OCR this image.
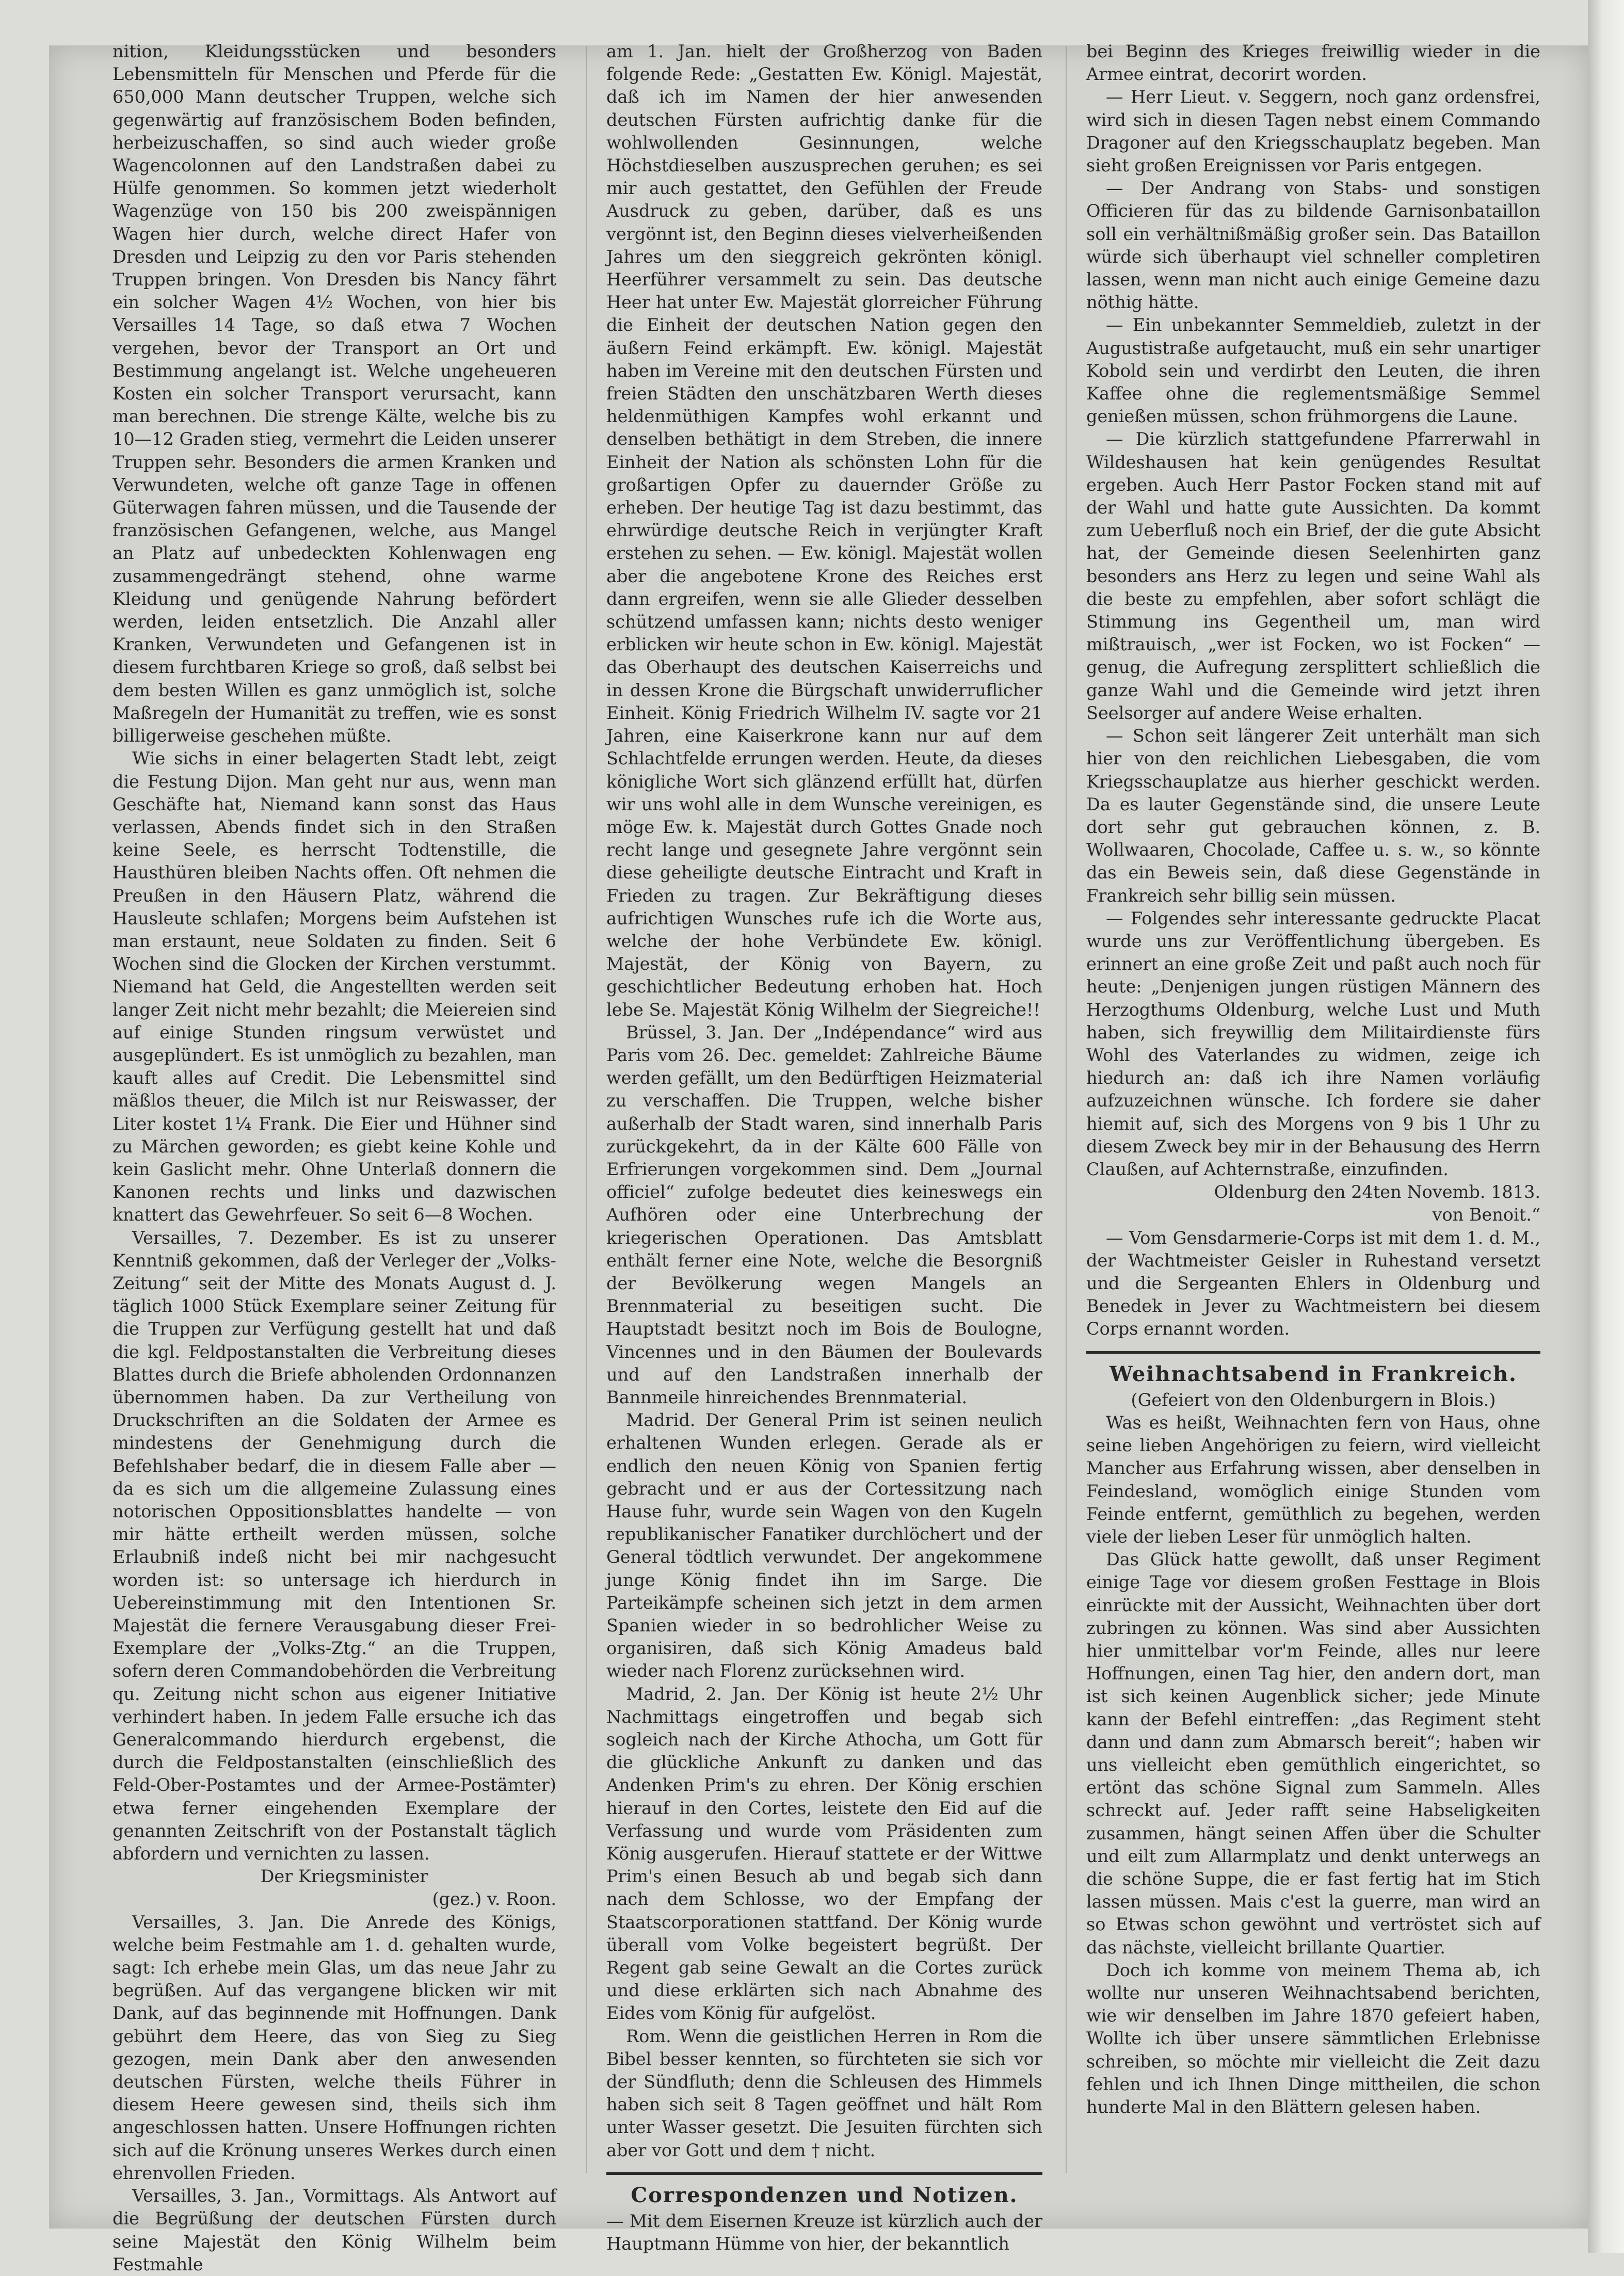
nition, Kleidungsstücken und besonders Lebensmitteln für Menschen und Pferde für die 650,000 Mann deutscher Truppen, welche sich gegenwärtig auf französischem Boden befinden, herbeizuschaffen, so sind auch wieder große Wagencolonnen auf den Landstraßen dabei zu Hülfe genommen. So kommen jetzt wiederholt Wagenzüge von 150 bis 200 zweispännigen Wagen hier durch, welche direct Hafer von Dresden und Leipzig zu den vor Paris stehenden Truppen bringen. Von Dresden bis Nancy fährt ein solcher Wagen 4½ Wochen, von hier bis Versailles 14 Tage, so daß etwa 7 Wochen vergehen, bevor der Transport an Ort und Bestimmung angelangt ist. Welche ungeheueren Kosten ein solcher Transport verursacht, kann man berechnen. Die strenge Kälte, welche bis zu 10—12 Graden stieg, vermehrt die Leiden unserer Truppen sehr. Besonders die armen Kranken und Verwundeten, welche oft ganze Tage in offenen Güterwagen fahren müssen, und die Tausende der französischen Gefangenen, welche, aus Mangel an Platz auf unbedeckten Kohlenwagen eng zusammengedrängt stehend, ohne warme Kleidung und genügende Nahrung befördert werden, leiden entsetzlich. Die Anzahl aller Kranken, Verwundeten und Gefangenen ist in diesem furchtbaren Kriege so groß, daß selbst bei dem besten Willen es ganz unmöglich ist, solche Maßregeln der Humanität zu treffen, wie es sonst billigerweise geschehen müßte.

Wie sichs in einer belagerten Stadt lebt, zeigt die Festung Dijon. Man geht nur aus, wenn man Geschäfte hat, Niemand kann sonst das Haus verlassen, Abends findet sich in den Straßen keine Seele, es herrscht Todtenstille, die Hausthüren bleiben Nachts offen. Oft nehmen die Preußen in den Häusern Platz, während die Hausleute schlafen; Morgens beim Aufstehen ist man erstaunt, neue Soldaten zu finden. Seit 6 Wochen sind die Glocken der Kirchen verstummt. Niemand hat Geld, die Angestellten werden seit langer Zeit nicht mehr bezahlt; die Meiereien sind auf einige Stunden ringsum verwüstet und ausgeplündert. Es ist unmöglich zu bezahlen, man kauft alles auf Credit. Die Lebensmittel sind mäßlos theuer, die Milch ist nur Reiswasser, der Liter kostet 1¼ Frank. Die Eier und Hühner sind zu Märchen geworden; es giebt keine Kohle und kein Gaslicht mehr. Ohne Unterlaß donnern die Kanonen rechts und links und dazwischen knattert das Gewehrfeuer. So seit 6—8 Wochen.

Versailles, 7. Dezember. Es ist zu unserer Kenntniß gekommen, daß der Verleger der „Volks-Zeitung“ seit der Mitte des Monats August d. J. täglich 1000 Stück Exemplare seiner Zeitung für die Truppen zur Verfügung gestellt hat und daß die kgl. Feldpostanstalten die Verbreitung dieses Blattes durch die Briefe abholenden Ordonnanzen übernommen haben. Da zur Vertheilung von Druckschriften an die Soldaten der Armee es mindestens der Genehmigung durch die Befehlshaber bedarf, die in diesem Falle aber — da es sich um die allgemeine Zulassung eines notorischen Oppositionsblattes handelte — von mir hätte ertheilt werden müssen, solche Erlaubniß indeß nicht bei mir nachgesucht worden ist: so untersage ich hierdurch in Uebereinstimmung mit den Intentionen Sr. Majestät die fernere Verausgabung dieser Frei-Exemplare der „Volks-Ztg.“ an die Truppen, sofern deren Commandobehörden die Verbreitung qu. Zeitung nicht schon aus eigener Initiative verhindert haben. In jedem Falle ersuche ich das Generalcommando hierdurch ergebenst, die durch die Feldpostanstalten (einschließlich des Feld-Ober-Postamtes und der Armee-Postämter) etwa ferner eingehenden Exemplare der genannten Zeitschrift von der Postanstalt täglich abfordern und vernichten zu lassen.

Der Kriegsminister

(gez.) v. Roon.

Versailles, 3. Jan. Die Anrede des Königs, welche beim Festmahle am 1. d. gehalten wurde, sagt: Ich erhebe mein Glas, um das neue Jahr zu begrüßen. Auf das vergangene blicken wir mit Dank, auf das beginnende mit Hoffnungen. Dank gebührt dem Heere, das von Sieg zu Sieg gezogen, mein Dank aber den anwesenden deutschen Fürsten, welche theils Führer in diesem Heere gewesen sind, theils sich ihm angeschlossen hatten. Unsere Hoffnungen richten sich auf die Krönung unseres Werkes durch einen ehrenvollen Frieden.

Versailles, 3. Jan., Vormittags. Als Antwort auf die Begrüßung der deutschen Fürsten durch seine Majestät den König Wilhelm beim Festmahle

am 1. Jan. hielt der Großherzog von Baden folgende Rede: „Gestatten Ew. Königl. Majestät, daß ich im Namen der hier anwesenden deutschen Fürsten aufrichtig danke für die wohlwollenden Gesinnungen, welche Höchstdieselben auszusprechen geruhen; es sei mir auch gestattet, den Gefühlen der Freude Ausdruck zu geben, darüber, daß es uns vergönnt ist, den Beginn dieses vielverheißenden Jahres um den sieggreich gekrönten königl. Heerführer versammelt zu sein. Das deutsche Heer hat unter Ew. Majestät glorreicher Führung die Einheit der deutschen Nation gegen den äußern Feind erkämpft. Ew. königl. Majestät haben im Vereine mit den deutschen Fürsten und freien Städten den unschätzbaren Werth dieses heldenmüthigen Kampfes wohl erkannt und denselben bethätigt in dem Streben, die innere Einheit der Nation als schönsten Lohn für die großartigen Opfer zu dauernder Größe zu erheben. Der heutige Tag ist dazu bestimmt, das ehrwürdige deutsche Reich in verjüngter Kraft erstehen zu sehen. — Ew. königl. Majestät wollen aber die angebotene Krone des Reiches erst dann ergreifen, wenn sie alle Glieder desselben schützend umfassen kann; nichts desto weniger erblicken wir heute schon in Ew. königl. Majestät das Oberhaupt des deutschen Kaiserreichs und in dessen Krone die Bürgschaft unwiderruflicher Einheit. König Friedrich Wilhelm IV. sagte vor 21 Jahren, eine Kaiserkrone kann nur auf dem Schlachtfelde errungen werden. Heute, da dieses königliche Wort sich glänzend erfüllt hat, dürfen wir uns wohl alle in dem Wunsche vereinigen, es möge Ew. k. Majestät durch Gottes Gnade noch recht lange und gesegnete Jahre vergönnt sein diese geheiligte deutsche Eintracht und Kraft in Frieden zu tragen. Zur Bekräftigung dieses aufrichtigen Wunsches rufe ich die Worte aus, welche der hohe Verbündete Ew. königl. Majestät, der König von Bayern, zu geschichtlicher Bedeutung erhoben hat. Hoch lebe Se. Majestät König Wilhelm der Siegreiche!!

Brüssel, 3. Jan. Der „Indépendance“ wird aus Paris vom 26. Dec. gemeldet: Zahlreiche Bäume werden gefällt, um den Bedürftigen Heizmaterial zu verschaffen. Die Truppen, welche bisher außerhalb der Stadt waren, sind innerhalb Paris zurückgekehrt, da in der Kälte 600 Fälle von Erfrierungen vorgekommen sind. Dem „Journal officiel“ zufolge bedeutet dies keineswegs ein Aufhören oder eine Unterbrechung der kriegerischen Operationen. Das Amtsblatt enthält ferner eine Note, welche die Besorgniß der Bevölkerung wegen Mangels an Brennmaterial zu beseitigen sucht. Die Hauptstadt besitzt noch im Bois de Boulogne, Vincennes und in den Bäumen der Boulevards und auf den Landstraßen innerhalb der Bannmeile hinreichendes Brennmaterial.

Madrid. Der General Prim ist seinen neulich erhaltenen Wunden erlegen. Gerade als er endlich den neuen König von Spanien fertig gebracht und er aus der Cortessitzung nach Hause fuhr, wurde sein Wagen von den Kugeln republikanischer Fanatiker durchlöchert und der General tödtlich verwundet. Der angekommene junge König findet ihn im Sarge. Die Parteikämpfe scheinen sich jetzt in dem armen Spanien wieder in so bedrohlicher Weise zu organisiren, daß sich König Amadeus bald wieder nach Florenz zurücksehnen wird.

Madrid, 2. Jan. Der König ist heute 2½ Uhr Nachmittags eingetroffen und begab sich sogleich nach der Kirche Athocha, um Gott für die glückliche Ankunft zu danken und das Andenken Prim's zu ehren. Der König erschien hierauf in den Cortes, leistete den Eid auf die Verfassung und wurde vom Präsidenten zum König ausgerufen. Hierauf stattete er der Wittwe Prim's einen Besuch ab und begab sich dann nach dem Schlosse, wo der Empfang der Staatscorporationen stattfand. Der König wurde überall vom Volke begeistert begrüßt. Der Regent gab seine Gewalt an die Cortes zurück und diese erklärten sich nach Abnahme des Eides vom König für aufgelöst.

Rom. Wenn die geistlichen Herren in Rom die Bibel besser kennten, so fürchteten sie sich vor der Sündfluth; denn die Schleusen des Himmels haben sich seit 8 Tagen geöffnet und hält Rom unter Wasser gesetzt. Die Jesuiten fürchten sich aber vor Gott und dem † nicht.

Correspondenzen und Notizen.

— Mit dem Eisernen Kreuze ist kürzlich auch der Hauptmann Hümme von hier, der bekanntlich

bei Beginn des Krieges freiwillig wieder in die Armee eintrat, decorirt worden.

— Herr Lieut. v. Seggern, noch ganz ordensfrei, wird sich in diesen Tagen nebst einem Commando Dragoner auf den Kriegsschauplatz begeben. Man sieht großen Ereignissen vor Paris entgegen.

— Der Andrang von Stabs- und sonstigen Officieren für das zu bildende Garnisonbataillon soll ein verhältnißmäßig großer sein. Das Bataillon würde sich überhaupt viel schneller completiren lassen, wenn man nicht auch einige Gemeine dazu nöthig hätte.

— Ein unbekannter Semmeldieb, zuletzt in der Augustistraße aufgetaucht, muß ein sehr unartiger Kobold sein und verdirbt den Leuten, die ihren Kaffee ohne die reglementsmäßige Semmel genießen müssen, schon frühmorgens die Laune.

— Die kürzlich stattgefundene Pfarrerwahl in Wildeshausen hat kein genügendes Resultat ergeben. Auch Herr Pastor Focken stand mit auf der Wahl und hatte gute Aussichten. Da kommt zum Ueberfluß noch ein Brief, der die gute Absicht hat, der Gemeinde diesen Seelenhirten ganz besonders ans Herz zu legen und seine Wahl als die beste zu empfehlen, aber sofort schlägt die Stimmung ins Gegentheil um, man wird mißtrauisch, „wer ist Focken, wo ist Focken“ — genug, die Aufregung zersplittert schließlich die ganze Wahl und die Gemeinde wird jetzt ihren Seelsorger auf andere Weise erhalten.

— Schon seit längerer Zeit unterhält man sich hier von den reichlichen Liebesgaben, die vom Kriegsschauplatze aus hierher geschickt werden. Da es lauter Gegenstände sind, die unsere Leute dort sehr gut gebrauchen können, z. B. Wollwaaren, Chocolade, Caffee u. s. w., so könnte das ein Beweis sein, daß diese Gegenstände in Frankreich sehr billig sein müssen.

— Folgendes sehr interessante gedruckte Placat wurde uns zur Veröffentlichung übergeben. Es erinnert an eine große Zeit und paßt auch noch für heute: „Denjenigen jungen rüstigen Männern des Herzogthums Oldenburg, welche Lust und Muth haben, sich freywillig dem Militairdienste fürs Wohl des Vaterlandes zu widmen, zeige ich hiedurch an: daß ich ihre Namen vorläufig aufzuzeichnen wünsche. Ich fordere sie daher hiemit auf, sich des Morgens von 9 bis 1 Uhr zu diesem Zweck bey mir in der Behausung des Herrn Claußen, auf Achternstraße, einzufinden.

Oldenburg den 24ten Novemb. 1813.

von Benoit.“

— Vom Gensdarmerie-Corps ist mit dem 1. d. M., der Wachtmeister Geisler in Ruhestand versetzt und die Sergeanten Ehlers in Oldenburg und Benedek in Jever zu Wachtmeistern bei diesem Corps ernannt worden.

Weihnachtsabend in Frankreich.

(Gefeiert von den Oldenburgern in Blois.)

Was es heißt, Weihnachten fern von Haus, ohne seine lieben Angehörigen zu feiern, wird vielleicht Mancher aus Erfahrung wissen, aber denselben in Feindesland, womöglich einige Stunden vom Feinde entfernt, gemüthlich zu begehen, werden viele der lieben Leser für unmöglich halten.

Das Glück hatte gewollt, daß unser Regiment einige Tage vor diesem großen Festtage in Blois einrückte mit der Aussicht, Weihnachten über dort zubringen zu können. Was sind aber Aussichten hier unmittelbar vor'm Feinde, alles nur leere Hoffnungen, einen Tag hier, den andern dort, man ist sich keinen Augenblick sicher; jede Minute kann der Befehl eintreffen: „das Regiment steht dann und dann zum Abmarsch bereit“; haben wir uns vielleicht eben gemüthlich eingerichtet, so ertönt das schöne Signal zum Sammeln. Alles schreckt auf. Jeder rafft seine Habseligkeiten zusammen, hängt seinen Affen über die Schulter und eilt zum Allarmplatz und denkt unterwegs an die schöne Suppe, die er fast fertig hat im Stich lassen müssen. Mais c'est la guerre, man wird an so Etwas schon gewöhnt und vertröstet sich auf das nächste, vielleicht brillante Quartier.

Doch ich komme von meinem Thema ab, ich wollte nur unseren Weihnachtsabend berichten, wie wir denselben im Jahre 1870 gefeiert haben, Wollte ich über unsere sämmtlichen Erlebnisse schreiben, so möchte mir vielleicht die Zeit dazu fehlen und ich Ihnen Dinge mittheilen, die schon hunderte Mal in den Blättern gelesen haben.
